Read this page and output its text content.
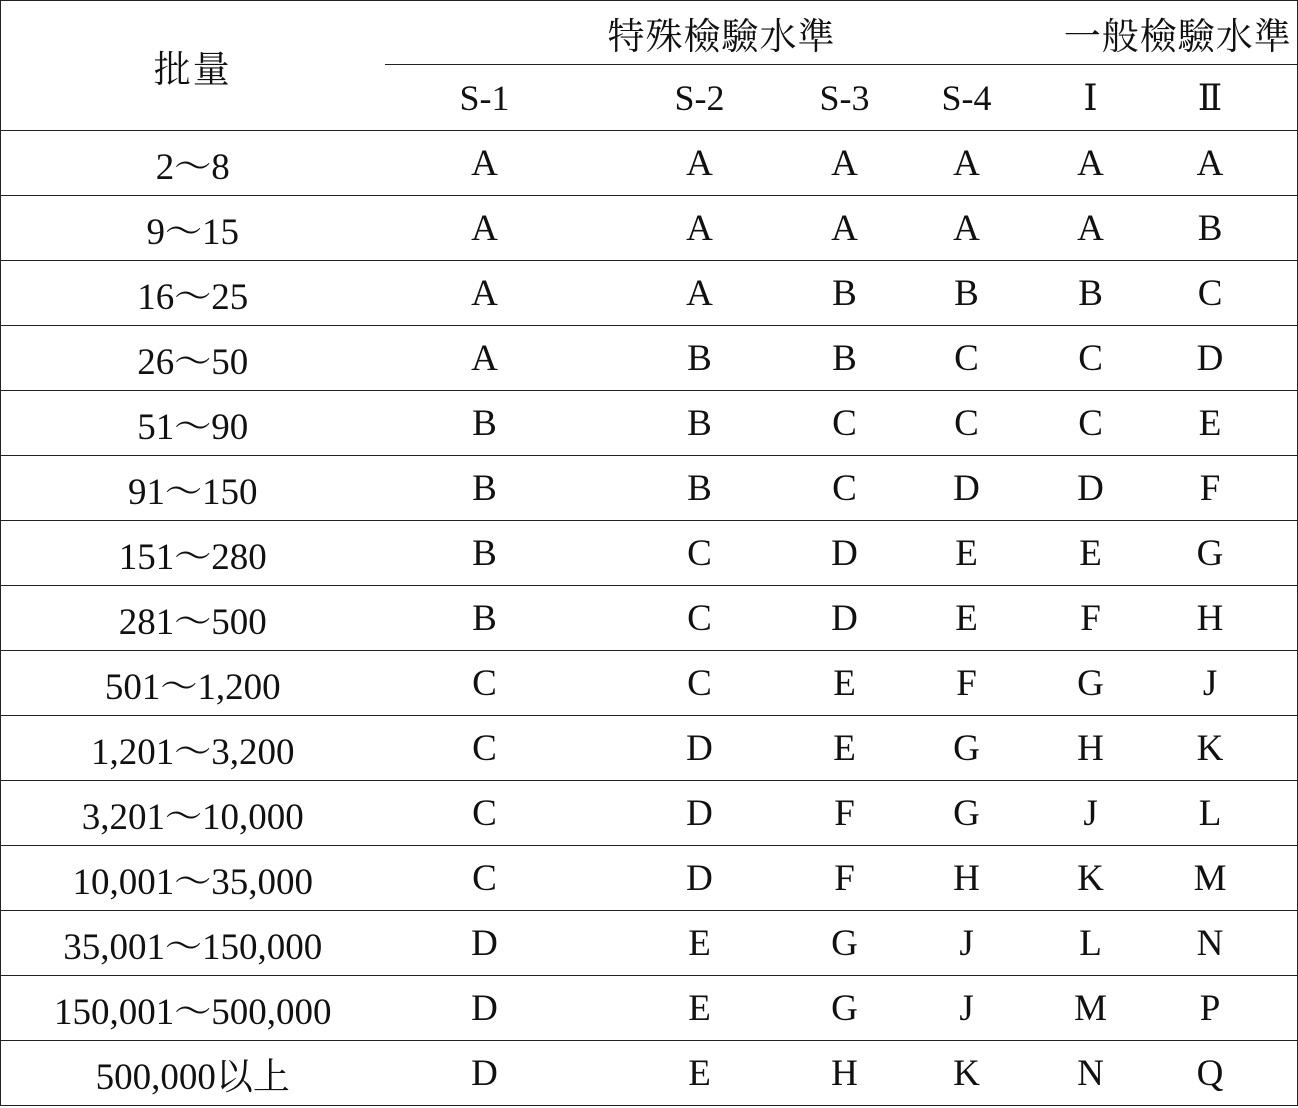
批量	特殊檢驗水準				一般檢驗水準		
	S-1	S-2	S-3	S-4	Ⅰ	Ⅱ	
2～8	A	A	A	A	A	A	
9～15	A	A	A	A	A	B	
16～25	A	A	B	B	B	C	
26～50	A	B	B	C	C	D	
51～90	B	B	C	C	C	E	
91～150	B	B	C	D	D	F	
151～280	B	C	D	E	E	G	
281～500	B	C	D	E	F	H	
501～1,200	C	C	E	F	G	J	
1,201～3,200	C	D	E	G	H	K	
3,201～10,000	C	D	F	G	J	L	
10,001～35,000	C	D	F	H	K	M	
35,001～150,000	D	E	G	J	L	N	
150,001～500,000	D	E	G	J	M	P	
500,000以上	D	E	H	K	N	Q	
